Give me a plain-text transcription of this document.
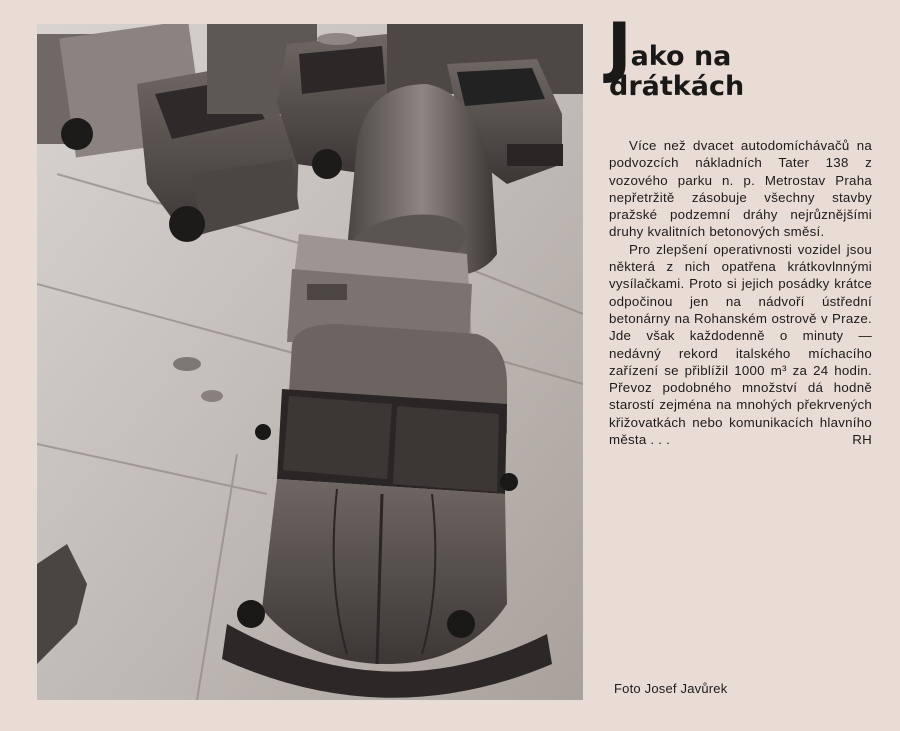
J ako na
drátkách

Více než dvacet autodomíchávačů na podvozcích nákladních Tater 138 z vozového parku n. p. Metrostav Praha nepřetržitě zásobuje všechny stavby pražské podzemní dráhy nejrůznějšími druhy kvalitních betonových směsí.

Pro zlepšení operativnosti vozidel jsou některá z nich opatřena krátkovlnnými vysílačkami. Proto si jejich posádky krátce odpočinou jen na nádvoří ústřední betonárny na Rohanském ostrově v Praze. Jde však každodenně o minuty — nedávný rekord italského míchacího zařízení se přiblížil 1000 m³ za 24 hodin. Převoz podobného množství dá hodně starostí zejména na mnohých překrvených křižovatkách nebo komunikacích hlavního města . . .	RH

Foto Josef Javůrek
